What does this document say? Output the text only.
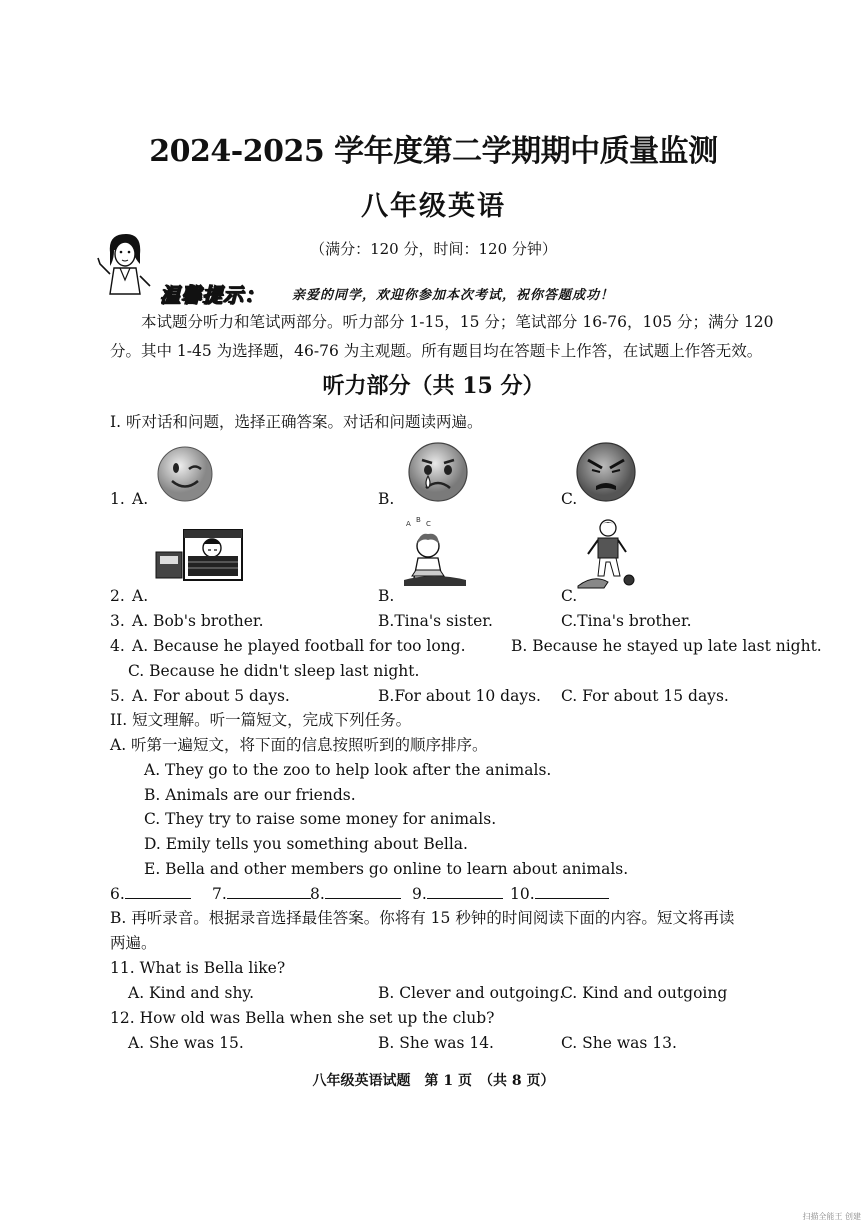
2024-2025 学年度第二学期期中质量监测
八年级英语
（满分：120 分，时间：120 分钟）
温馨提示： 亲爱的同学，欢迎你参加本次考试，祝你答题成功！
本试题分听力和笔试两部分。听力部分 1-15，15 分；笔试部分 16-76，105 分；满分 120 分。其中 1-45 为选择题，46-76 为主观题。所有题目均在答题卡上作答，在试题上作答无效。
听力部分（共 15 分）
I. 听对话和问题，选择正确答案。对话和问题读两遍。
1. A.	B.	C.
2. A.	B.
A B C
C.
3. A. Bob's brother.	B.Tina's sister.	C.Tina's brother.
4. A. Because he played football for too long.	B. Because he stayed up late last night.
C. Because he didn't sleep last night.
5. A. For about 5 days.	B.For about 10 days. C. For about 15 days.
II. 短文理解。听一篇短文，完成下列任务。
A. 听第一遍短文，将下面的信息按照听到的顺序排序。
A. They go to the zoo to help look after the animals.
B. Animals are our friends.
C. They try to raise some money for animals.
D. Emily tells you something about Bella.
E. Bella and other members go online to learn about animals.
6.	7.	8.	9.	10.
B. 再听录音。根据录音选择最佳答案。你将有 15 秒钟的时间阅读下面的内容。短文将再读
两遍。
11. What is Bella like?
A. Kind and shy.	B. Clever and outgoing.
C. Kind and outgoing
12. How old was Bella when she set up the club?
A. She was 15.	B. She was 14.	C. She was 13.
八年级英语试题　第 1 页　（共 8 页）
扫描全能王 创建
